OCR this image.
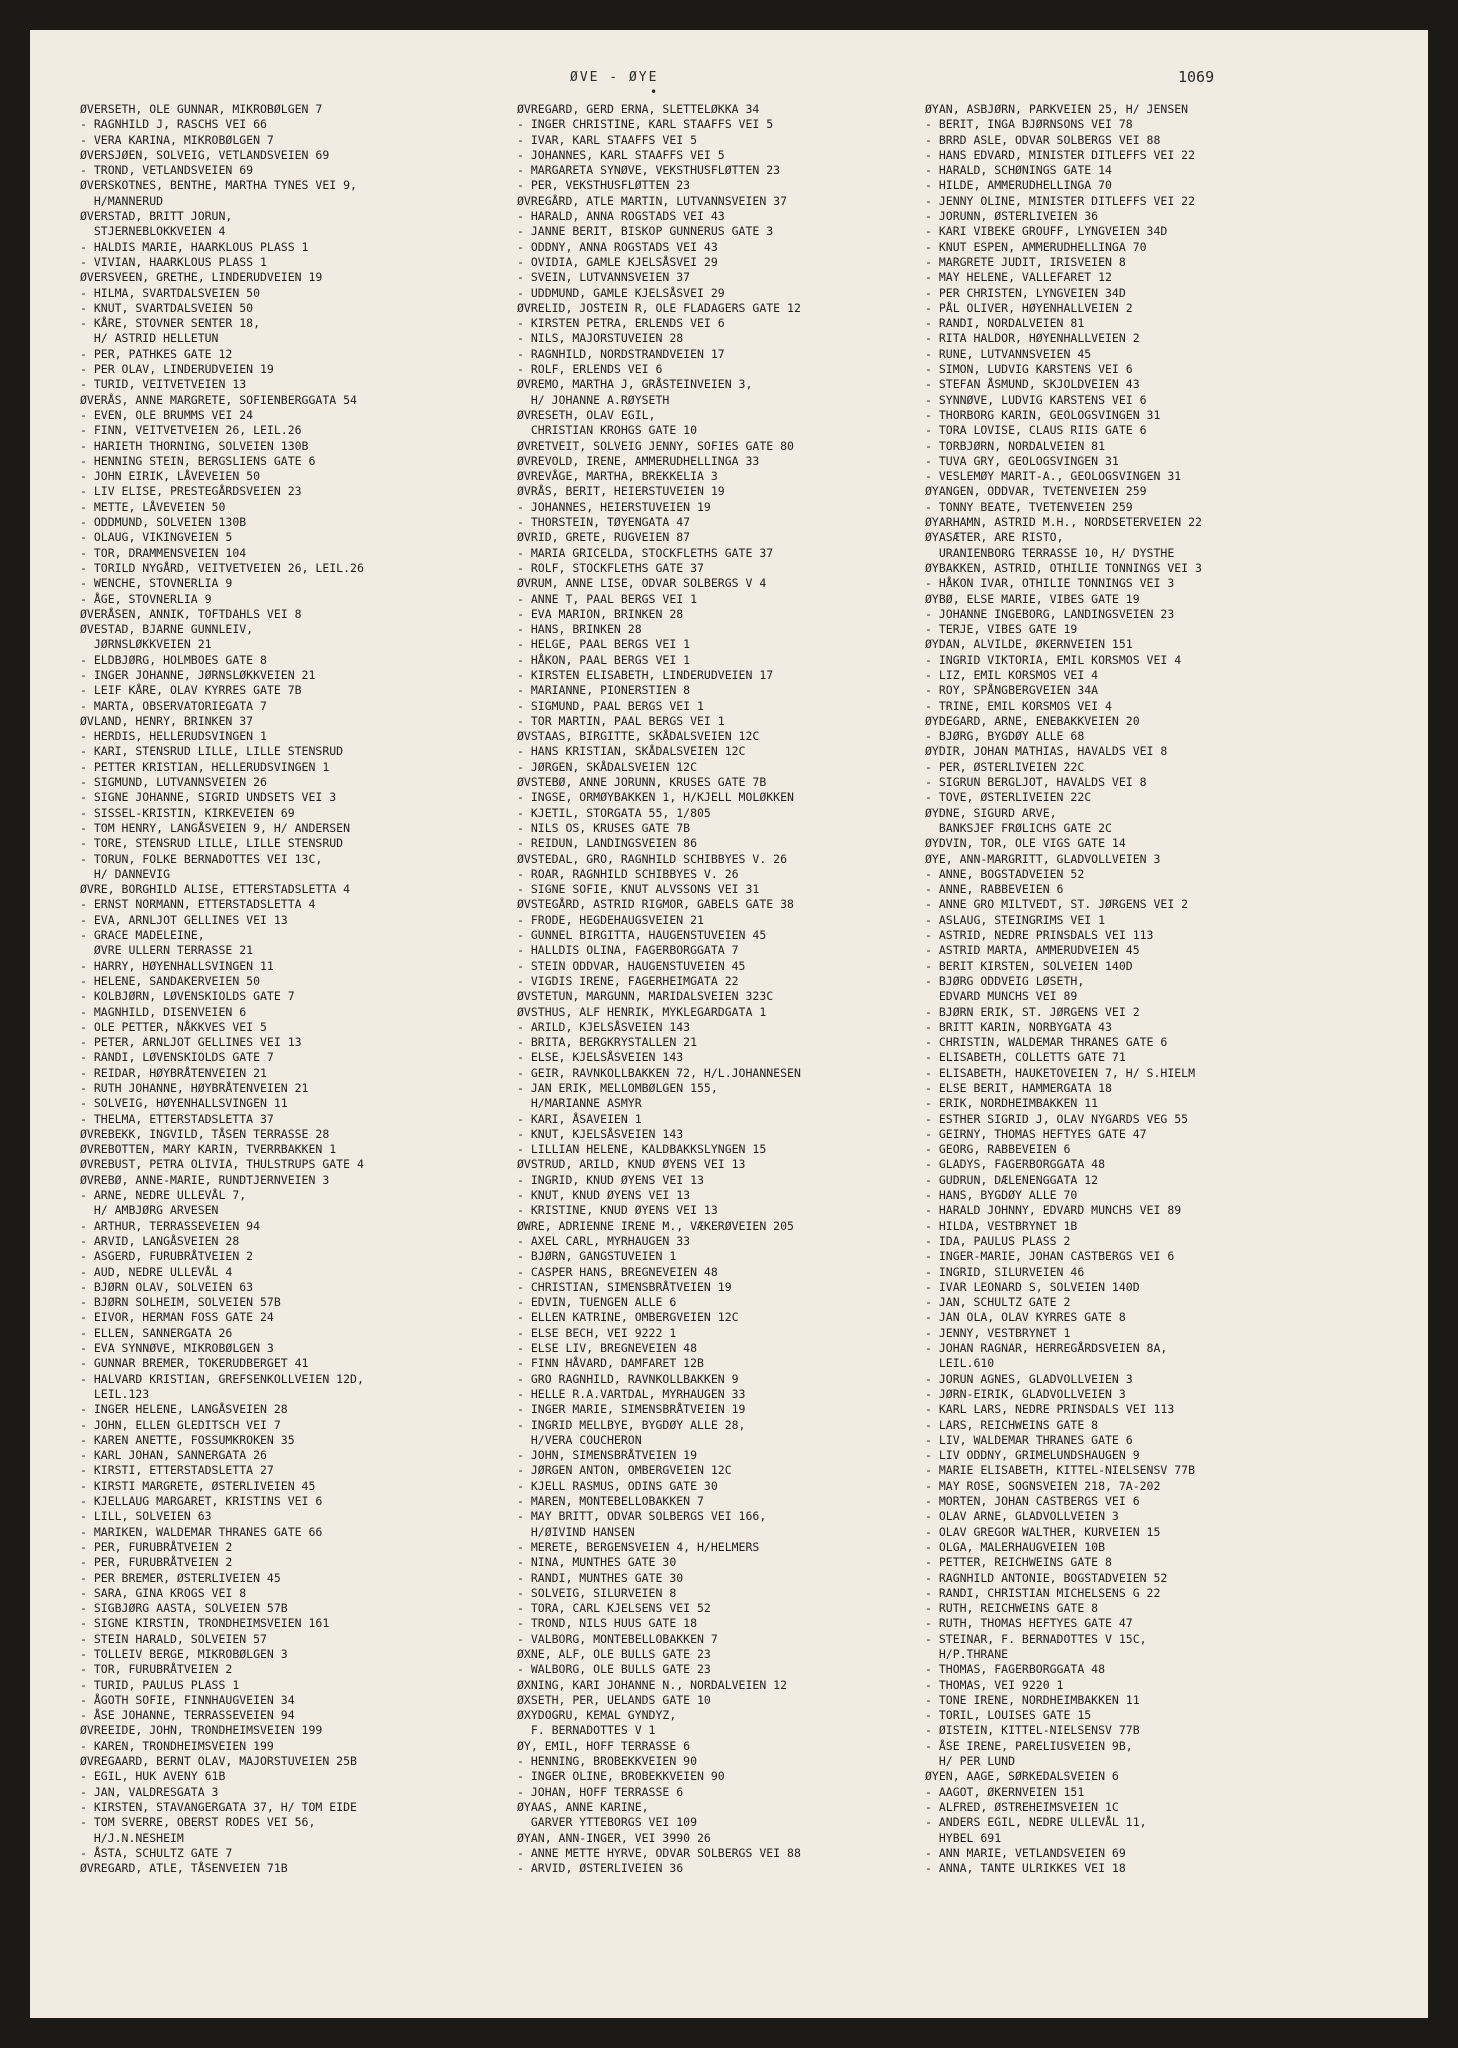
ØVE - ØYE
•
1069
ØVERSETH, OLE GUNNAR, MIKROBØLGEN 7
- RAGNHILD J, RASCHS VEI 66
- VERA KARINA, MIKROBØLGEN 7
ØVERSJØEN, SOLVEIG, VETLANDSVEIEN 69
- TROND, VETLANDSVEIEN 69
ØVERSKOTNES, BENTHE, MARTHA TYNES VEI 9,
H/MANNERUD
ØVERSTAD, BRITT JORUN,
STJERNEBLOKKVEIEN 4
- HALDIS MARIE, HAARKLOUS PLASS 1
- VIVIAN, HAARKLOUS PLASS 1
ØVERSVEEN, GRETHE, LINDERUDVEIEN 19
- HILMA, SVARTDALSVEIEN 50
- KNUT, SVARTDALSVEIEN 50
- KÅRE, STOVNER SENTER 18,
H/ ASTRID HELLETUN
- PER, PATHKES GATE 12
- PER OLAV, LINDERUDVEIEN 19
- TURID, VEITVETVEIEN 13
ØVERÅS, ANNE MARGRETE, SOFIENBERGGATA 54
- EVEN, OLE BRUMMS VEI 24
- FINN, VEITVETVEIEN 26, LEIL.26
- HARIETH THORNING, SOLVEIEN 130B
- HENNING STEIN, BERGSLIENS GATE 6
- JOHN EIRIK, LÅVEVEIEN 50
- LIV ELISE, PRESTEGÅRDSVEIEN 23
- METTE, LÅVEVEIEN 50
- ODDMUND, SOLVEIEN 130B
- OLAUG, VIKINGVEIEN 5
- TOR, DRAMMENSVEIEN 104
- TORILD NYGÅRD, VEITVETVEIEN 26, LEIL.26
- WENCHE, STOVNERLIA 9
- ÅGE, STOVNERLIA 9
ØVERÅSEN, ANNIK, TOFTDAHLS VEI 8
ØVESTAD, BJARNE GUNNLEIV,
JØRNSLØKKVEIEN 21
- ELDBJØRG, HOLMBOES GATE 8
- INGER JOHANNE, JØRNSLØKKVEIEN 21
- LEIF KÅRE, OLAV KYRRES GATE 7B
- MARTA, OBSERVATORIEGATA 7
ØVLAND, HENRY, BRINKEN 37
- HERDIS, HELLERUDSVINGEN 1
- KARI, STENSRUD LILLE, LILLE STENSRUD
- PETTER KRISTIAN, HELLERUDSVINGEN 1
- SIGMUND, LUTVANNSVEIEN 26
- SIGNE JOHANNE, SIGRID UNDSETS VEI 3
- SISSEL-KRISTIN, KIRKEVEIEN 69
- TOM HENRY, LANGÅSVEIEN 9, H/ ANDERSEN
- TORE, STENSRUD LILLE, LILLE STENSRUD
- TORUN, FOLKE BERNADOTTES VEI 13C,
H/ DANNEVIG
ØVRE, BORGHILD ALISE, ETTERSTADSLETTA 4
- ERNST NORMANN, ETTERSTADSLETTA 4
- EVA, ARNLJOT GELLINES VEI 13
- GRACE MADELEINE,
ØVRE ULLERN TERRASSE 21
- HARRY, HØYENHALLSVINGEN 11
- HELENE, SANDAKERVEIEN 50
- KOLBJØRN, LØVENSKIOLDS GATE 7
- MAGNHILD, DISENVEIEN 6
- OLE PETTER, NÅKKVES VEI 5
- PETER, ARNLJOT GELLINES VEI 13
- RANDI, LØVENSKIOLDS GATE 7
- REIDAR, HØYBRÅTENVEIEN 21
- RUTH JOHANNE, HØYBRÅTENVEIEN 21
- SOLVEIG, HØYENHALLSVINGEN 11
- THELMA, ETTERSTADSLETTA 37
ØVREBEKK, INGVILD, TÅSEN TERRASSE 28
ØVREBOTTEN, MARY KARIN, TVERRBAKKEN 1
ØVREBUST, PETRA OLIVIA, THULSTRUPS GATE 4
ØVREBØ, ANNE-MARIE, RUNDTJERNVEIEN 3
- ARNE, NEDRE ULLEVÅL 7,
H/ AMBJØRG ARVESEN
- ARTHUR, TERRASSEVEIEN 94
- ARVID, LANGÅSVEIEN 28
- ASGERD, FURUBRÅTVEIEN 2
- AUD, NEDRE ULLEVÅL 4
- BJØRN OLAV, SOLVEIEN 63
- BJØRN SOLHEIM, SOLVEIEN 57B
- EIVOR, HERMAN FOSS GATE 24
- ELLEN, SANNERGATA 26
- EVA SYNNØVE, MIKROBØLGEN 3
- GUNNAR BREMER, TOKERUDBERGET 41
- HALVARD KRISTIAN, GREFSENKOLLVEIEN 12D,
LEIL.123
- INGER HELENE, LANGÅSVEIEN 28
- JOHN, ELLEN GLEDITSCH VEI 7
- KAREN ANETTE, FOSSUMKROKEN 35
- KARL JOHAN, SANNERGATA 26
- KIRSTI, ETTERSTADSLETTA 27
- KIRSTI MARGRETE, ØSTERLIVEIEN 45
- KJELLAUG MARGARET, KRISTINS VEI 6
- LILL, SOLVEIEN 63
- MARIKEN, WALDEMAR THRANES GATE 66
- PER, FURUBRÅTVEIEN 2
- PER, FURUBRÅTVEIEN 2
- PER BREMER, ØSTERLIVEIEN 45
- SARA, GINA KROGS VEI 8
- SIGBJØRG AASTA, SOLVEIEN 57B
- SIGNE KIRSTIN, TRONDHEIMSVEIEN 161
- STEIN HARALD, SOLVEIEN 57
- TOLLEIV BERGE, MIKROBØLGEN 3
- TOR, FURUBRÅTVEIEN 2
- TURID, PAULUS PLASS 1
- ÅGOTH SOFIE, FINNHAUGVEIEN 34
- ÅSE JOHANNE, TERRASSEVEIEN 94
ØVREEIDE, JOHN, TRONDHEIMSVEIEN 199
- KAREN, TRONDHEIMSVEIEN 199
ØVREGAARD, BERNT OLAV, MAJORSTUVEIEN 25B
- EGIL, HUK AVENY 61B
- JAN, VALDRESGATA 3
- KIRSTEN, STAVANGERGATA 37, H/ TOM EIDE
- TOM SVERRE, OBERST RODES VEI 56,
H/J.N.NESHEIM
- ÅSTA, SCHULTZ GATE 7
ØVREGARD, ATLE, TÅSENVEIEN 71B
ØVREGARD, GERD ERNA, SLETTELØKKA 34
- INGER CHRISTINE, KARL STAAFFS VEI 5
- IVAR, KARL STAAFFS VEI 5
- JOHANNES, KARL STAAFFS VEI 5
- MARGARETA SYNØVE, VEKSTHUSFLØTTEN 23
- PER, VEKSTHUSFLØTTEN 23
ØVREGÅRD, ATLE MARTIN, LUTVANNSVEIEN 37
- HARALD, ANNA ROGSTADS VEI 43
- JANNE BERIT, BISKOP GUNNERUS GATE 3
- ODDNY, ANNA ROGSTADS VEI 43
- OVIDIA, GAMLE KJELSÅSVEI 29
- SVEIN, LUTVANNSVEIEN 37
- UDDMUND, GAMLE KJELSÅSVEI 29
ØVRELID, JOSTEIN R, OLE FLADAGERS GATE 12
- KIRSTEN PETRA, ERLENDS VEI 6
- NILS, MAJORSTUVEIEN 28
- RAGNHILD, NORDSTRANDVEIEN 17
- ROLF, ERLENDS VEI 6
ØVREMO, MARTHA J, GRÅSTEINVEIEN 3,
H/ JOHANNE A.RØYSETH
ØVRESETH, OLAV EGIL,
CHRISTIAN KROHGS GATE 10
ØVRETVEIT, SOLVEIG JENNY, SOFIES GATE 80
ØVREVOLD, IRENE, AMMERUDHELLINGA 33
ØVREVÅGE, MARTHA, BREKKELIA 3
ØVRÅS, BERIT, HEIERSTUVEIEN 19
- JOHANNES, HEIERSTUVEIEN 19
- THORSTEIN, TØYENGATA 47
ØVRID, GRETE, RUGVEIEN 87
- MARIA GRICELDA, STOCKFLETHS GATE 37
- ROLF, STOCKFLETHS GATE 37
ØVRUM, ANNE LISE, ODVAR SOLBERGS V 4
- ANNE T, PAAL BERGS VEI 1
- EVA MARION, BRINKEN 28
- HANS, BRINKEN 28
- HELGE, PAAL BERGS VEI 1
- HÅKON, PAAL BERGS VEI 1
- KIRSTEN ELISABETH, LINDERUDVEIEN 17
- MARIANNE, PIONERSTIEN 8
- SIGMUND, PAAL BERGS VEI 1
- TOR MARTIN, PAAL BERGS VEI 1
ØVSTAAS, BIRGITTE, SKÅDALSVEIEN 12C
- HANS KRISTIAN, SKÅDALSVEIEN 12C
- JØRGEN, SKÅDALSVEIEN 12C
ØVSTEBØ, ANNE JORUNN, KRUSES GATE 7B
- INGSE, ORMØYBAKKEN 1, H/KJELL MOLØKKEN
- KJETIL, STORGATA 55, 1/805
- NILS OS, KRUSES GATE 7B
- REIDUN, LANDINGSVEIEN 86
ØVSTEDAL, GRO, RAGNHILD SCHIBBYES V. 26
- ROAR, RAGNHILD SCHIBBYES V. 26
- SIGNE SOFIE, KNUT ALVSSONS VEI 31
ØVSTEGÅRD, ASTRID RIGMOR, GABELS GATE 38
- FRODE, HEGDEHAUGSVEIEN 21
- GUNNEL BIRGITTA, HAUGENSTUVEIEN 45
- HALLDIS OLINA, FAGERBORGGATA 7
- STEIN ODDVAR, HAUGENSTUVEIEN 45
- VIGDIS IRENE, FAGERHEIMGATA 22
ØVSTETUN, MARGUNN, MARIDALSVEIEN 323C
ØVSTHUS, ALF HENRIK, MYKLEGARDGATA 1
- ARILD, KJELSÅSVEIEN 143
- BRITA, BERGKRYSTALLEN 21
- ELSE, KJELSÅSVEIEN 143
- GEIR, RAVNKOLLBAKKEN 72, H/L.JOHANNESEN
- JAN ERIK, MELLOMBØLGEN 155,
H/MARIANNE ASMYR
- KARI, ÅSAVEIEN 1
- KNUT, KJELSÅSVEIEN 143
- LILLIAN HELENE, KALDBAKKSLYNGEN 15
ØVSTRUD, ARILD, KNUD ØYENS VEI 13
- INGRID, KNUD ØYENS VEI 13
- KNUT, KNUD ØYENS VEI 13
- KRISTINE, KNUD ØYENS VEI 13
ØWRE, ADRIENNE IRENE M., VÆKERØVEIEN 205
- AXEL CARL, MYRHAUGEN 33
- BJØRN, GANGSTUVEIEN 1
- CASPER HANS, BREGNEVEIEN 48
- CHRISTIAN, SIMENSBRÅTVEIEN 19
- EDVIN, TUENGEN ALLE 6
- ELLEN KATRINE, OMBERGVEIEN 12C
- ELSE BECH, VEI 9222 1
- ELSE LIV, BREGNEVEIEN 48
- FINN HÅVARD, DAMFARET 12B
- GRO RAGNHILD, RAVNKOLLBAKKEN 9
- HELLE R.A.VARTDAL, MYRHAUGEN 33
- INGER MARIE, SIMENSBRÅTVEIEN 19
- INGRID MELLBYE, BYGDØY ALLE 28,
H/VERA COUCHERON
- JOHN, SIMENSBRÅTVEIEN 19
- JØRGEN ANTON, OMBERGVEIEN 12C
- KJELL RASMUS, ODINS GATE 30
- MAREN, MONTEBELLOBAKKEN 7
- MAY BRITT, ODVAR SOLBERGS VEI 166,
H/ØIVIND HANSEN
- MERETE, BERGENSVEIEN 4, H/HELMERS
- NINA, MUNTHES GATE 30
- RANDI, MUNTHES GATE 30
- SOLVEIG, SILURVEIEN 8
- TORA, CARL KJELSENS VEI 52
- TROND, NILS HUUS GATE 18
- VALBORG, MONTEBELLOBAKKEN 7
ØXNE, ALF, OLE BULLS GATE 23
- WALBORG, OLE BULLS GATE 23
ØXNING, KARI JOHANNE N., NORDALVEIEN 12
ØXSETH, PER, UELANDS GATE 10
ØXYDOGRU, KEMAL GYNDYZ,
F. BERNADOTTES V 1
ØY, EMIL, HOFF TERRASSE 6
- HENNING, BROBEKKVEIEN 90
- INGER OLINE, BROBEKKVEIEN 90
- JOHAN, HOFF TERRASSE 6
ØYAAS, ANNE KARINE,
GARVER YTTEBORGS VEI 109
ØYAN, ANN-INGER, VEI 3990 26
- ANNE METTE HYRVE, ODVAR SOLBERGS VEI 88
- ARVID, ØSTERLIVEIEN 36
ØYAN, ASBJØRN, PARKVEIEN 25, H/ JENSEN
- BERIT, INGA BJØRNSONS VEI 78
- BRRD ASLE, ODVAR SOLBERGS VEI 88
- HANS EDVARD, MINISTER DITLEFFS VEI 22
- HARALD, SCHØNINGS GATE 14
- HILDE, AMMERUDHELLINGA 70
- JENNY OLINE, MINISTER DITLEFFS VEI 22
- JORUNN, ØSTERLIVEIEN 36
- KARI VIBEKE GROUFF, LYNGVEIEN 34D
- KNUT ESPEN, AMMERUDHELLINGA 70
- MARGRETE JUDIT, IRISVEIEN 8
- MAY HELENE, VALLEFARET 12
- PER CHRISTEN, LYNGVEIEN 34D
- PÅL OLIVER, HØYENHALLVEIEN 2
- RANDI, NORDALVEIEN 81
- RITA HALDOR, HØYENHALLVEIEN 2
- RUNE, LUTVANNSVEIEN 45
- SIMON, LUDVIG KARSTENS VEI 6
- STEFAN ÅSMUND, SKJOLDVEIEN 43
- SYNNØVE, LUDVIG KARSTENS VEI 6
- THORBORG KARIN, GEOLOGSVINGEN 31
- TORA LOVISE, CLAUS RIIS GATE 6
- TORBJØRN, NORDALVEIEN 81
- TUVA GRY, GEOLOGSVINGEN 31
- VESLEMØY MARIT-A., GEOLOGSVINGEN 31
ØYANGEN, ODDVAR, TVETENVEIEN 259
- TONNY BEATE, TVETENVEIEN 259
ØYARHAMN, ASTRID M.H., NORDSETERVEIEN 22
ØYASÆTER, ARE RISTO,
URANIENBORG TERRASSE 10, H/ DYSTHE
ØYBAKKEN, ASTRID, OTHILIE TONNINGS VEI 3
- HÅKON IVAR, OTHILIE TONNINGS VEI 3
ØYBØ, ELSE MARIE, VIBES GATE 19
- JOHANNE INGEBORG, LANDINGSVEIEN 23
- TERJE, VIBES GATE 19
ØYDAN, ALVILDE, ØKERNVEIEN 151
- INGRID VIKTORIA, EMIL KORSMOS VEI 4
- LIZ, EMIL KORSMOS VEI 4
- ROY, SPÅNGBERGVEIEN 34A
- TRINE, EMIL KORSMOS VEI 4
ØYDEGARD, ARNE, ENEBAKKVEIEN 20
- BJØRG, BYGDØY ALLE 68
ØYDIR, JOHAN MATHIAS, HAVALDS VEI 8
- PER, ØSTERLIVEIEN 22C
- SIGRUN BERGLJOT, HAVALDS VEI 8
- TOVE, ØSTERLIVEIEN 22C
ØYDNE, SIGURD ARVE,
BANKSJEF FRØLICHS GATE 2C
ØYDVIN, TOR, OLE VIGS GATE 14
ØYE, ANN-MARGRITT, GLADVOLLVEIEN 3
- ANNE, BOGSTADVEIEN 52
- ANNE, RABBEVEIEN 6
- ANNE GRO MILTVEDT, ST. JØRGENS VEI 2
- ASLAUG, STEINGRIMS VEI 1
- ASTRID, NEDRE PRINSDALS VEI 113
- ASTRID MARTA, AMMERUDVEIEN 45
- BERIT KIRSTEN, SOLVEIEN 140D
- BJØRG ODDVEIG LØSETH,
EDVARD MUNCHS VEI 89
- BJØRN ERIK, ST. JØRGENS VEI 2
- BRITT KARIN, NORBYGATA 43
- CHRISTIN, WALDEMAR THRANES GATE 6
- ELISABETH, COLLETTS GATE 71
- ELISABETH, HAUKETOVEIEN 7, H/ S.HIELM
- ELSE BERIT, HAMMERGATA 18
- ERIK, NORDHEIMBAKKEN 11
- ESTHER SIGRID J, OLAV NYGARDS VEG 55
- GEIRNY, THOMAS HEFTYES GATE 47
- GEORG, RABBEVEIEN 6
- GLADYS, FAGERBORGGATA 48
- GUDRUN, DÆLENENGGATA 12
- HANS, BYGDØY ALLE 70
- HARALD JOHNNY, EDVARD MUNCHS VEI 89
- HILDA, VESTBRYNET 1B
- IDA, PAULUS PLASS 2
- INGER-MARIE, JOHAN CASTBERGS VEI 6
- INGRID, SILURVEIEN 46
- IVAR LEONARD S, SOLVEIEN 140D
- JAN, SCHULTZ GATE 2
- JAN OLA, OLAV KYRRES GATE 8
- JENNY, VESTBRYNET 1
- JOHAN RAGNAR, HERREGÅRDSVEIEN 8A,
LEIL.610
- JORUN AGNES, GLADVOLLVEIEN 3
- JØRN-EIRIK, GLADVOLLVEIEN 3
- KARL LARS, NEDRE PRINSDALS VEI 113
- LARS, REICHWEINS GATE 8
- LIV, WALDEMAR THRANES GATE 6
- LIV ODDNY, GRIMELUNDSHAUGEN 9
- MARIE ELISABETH, KITTEL-NIELSENSV 77B
- MAY ROSE, SOGNSVEIEN 218, 7A-202
- MORTEN, JOHAN CASTBERGS VEI 6
- OLAV ARNE, GLADVOLLVEIEN 3
- OLAV GREGOR WALTHER, KURVEIEN 15
- OLGA, MALERHAUGVEIEN 10B
- PETTER, REICHWEINS GATE 8
- RAGNHILD ANTONIE, BOGSTADVEIEN 52
- RANDI, CHRISTIAN MICHELSENS G 22
- RUTH, REICHWEINS GATE 8
- RUTH, THOMAS HEFTYES GATE 47
- STEINAR, F. BERNADOTTES V 15C,
H/P.THRANE
- THOMAS, FAGERBORGGATA 48
- THOMAS, VEI 9220 1
- TONE IRENE, NORDHEIMBAKKEN 11
- TORIL, LOUISES GATE 15
- ØISTEIN, KITTEL-NIELSENSV 77B
- ÅSE IRENE, PARELIUSVEIEN 9B,
H/ PER LUND
ØYEN, AAGE, SØRKEDALSVEIEN 6
- AAGOT, ØKERNVEIEN 151
- ALFRED, ØSTREHEIMSVEIEN 1C
- ANDERS EGIL, NEDRE ULLEVÅL 11,
HYBEL 691
- ANN MARIE, VETLANDSVEIEN 69
- ANNA, TANTE ULRIKKES VEI 18
